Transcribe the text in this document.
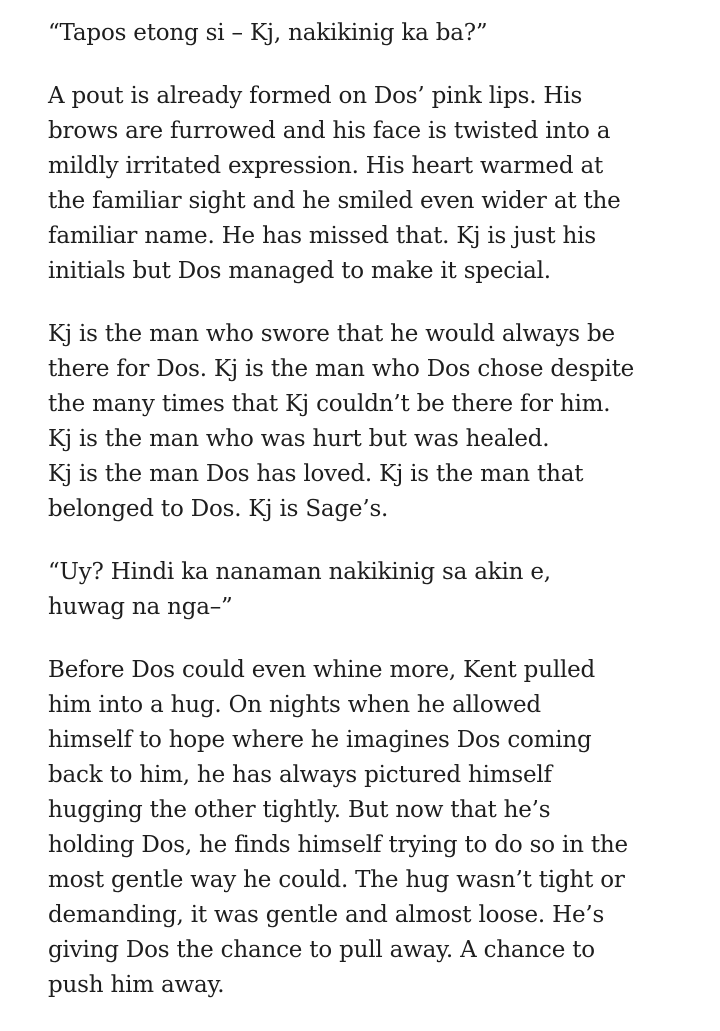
“Tapos etong si – Kj, nakikinig ka ba?”

A pout is already formed on Dos’ pink lips. His
brows are furrowed and his face is twisted into a
mildly irritated expression. His heart warmed at
the familiar sight and he smiled even wider at the
familiar name. He has missed that. Kj is just his
initials but Dos managed to make it special.

Kj is the man who swore that he would always be
there for Dos. Kj is the man who Dos chose despite
the many times that Kj couldn’t be there for him.
Kj is the man who was hurt but was healed.
Kj is the man Dos has loved. Kj is the man that
belonged to Dos. Kj is Sage’s.

“Uy? Hindi ka nanaman nakikinig sa akin e,
huwag na nga–”

Before Dos could even whine more, Kent pulled
him into a hug. On nights when he allowed
himself to hope where he imagines Dos coming
back to him, he has always pictured himself
hugging the other tightly. But now that he’s
holding Dos, he finds himself trying to do so in the
most gentle way he could. The hug wasn’t tight or
demanding, it was gentle and almost loose. He’s
giving Dos the chance to pull away. A chance to
push him away.
